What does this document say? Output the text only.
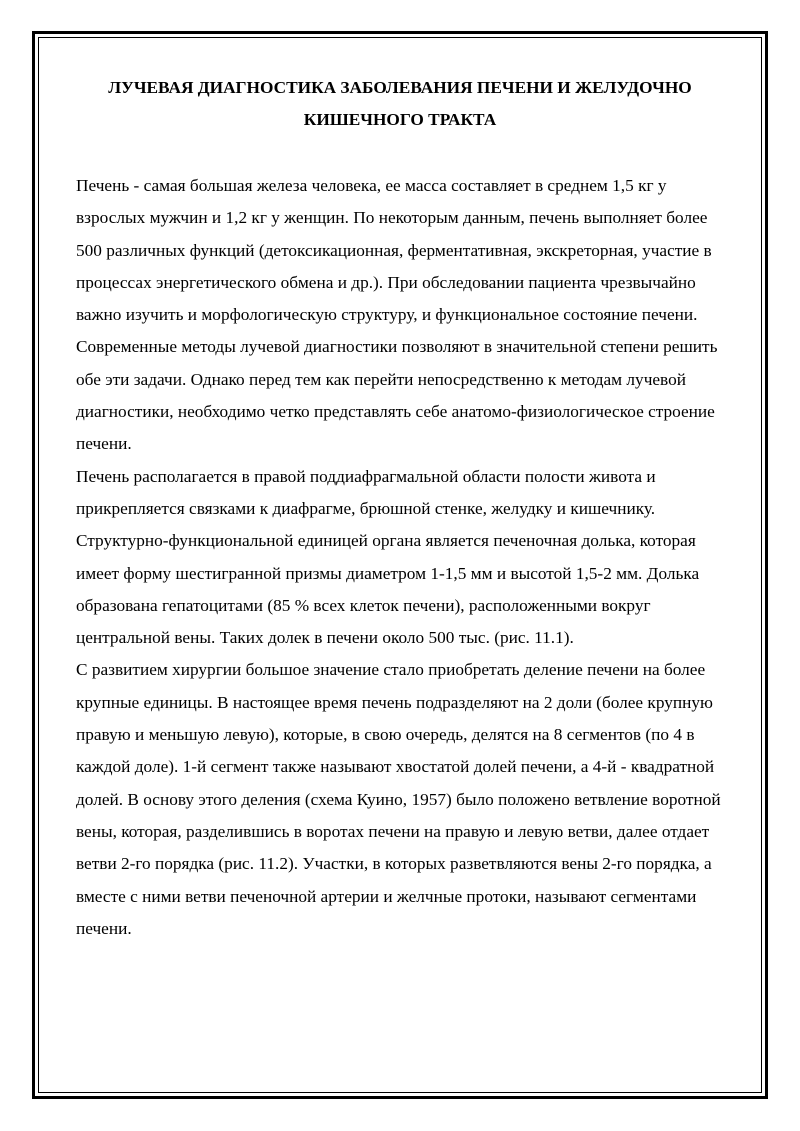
ЛУЧЕВАЯ ДИАГНОСТИКА ЗАБОЛЕВАНИЯ ПЕЧЕНИ И ЖЕЛУДОЧНО
КИШЕЧНОГО ТРАКТА

Печень - самая большая железа человека, ее масса составляет в среднем 1,5 кг у взрослых мужчин и 1,2 кг у женщин. По некоторым данным, печень выполняет более 500 различных функций (детоксикационная, ферментативная, экскреторная, участие в процессах энергетического обмена и др.). При обследовании пациента чрезвычайно важно изучить и морфологическую структуру, и функциональное состояние печени. Современные методы лучевой диагностики позволяют в значительной степени решить обе эти задачи. Однако перед тем как перейти непосредственно к методам лучевой диагностики, необходимо четко представлять себе анатомо-физиологическое строение печени.

Печень располагается в правой поддиафрагмальной области полости живота и прикрепляется связками к диафрагме, брюшной стенке, желудку и кишечнику. Структурно-функциональной единицей органа является печеночная долька, которая имеет форму шестигранной призмы диаметром 1-1,5 мм и высотой 1,5-2 мм. Долька образована гепатоцитами (85 % всех клеток печени), расположенными вокруг центральной вены. Таких долек в печени около 500 тыс. (рис. 11.1).

С развитием хирургии большое значение стало приобретать деление печени на более крупные единицы. В настоящее время печень подразделяют на 2 доли (более крупную правую и меньшую левую), которые, в свою очередь, делятся на 8 сегментов (по 4 в каждой доле). 1-й сегмент также называют хвостатой долей печени, а 4-й - квадратной долей. В основу этого деления (схема Куино, 1957) было положено ветвление воротной вены, которая, разделившись в воротах печени на правую и левую ветви, далее отдает ветви 2-го порядка (рис. 11.2). Участки, в которых разветвляются вены 2-го порядка, а вместе с ними ветви печеночной артерии и желчные протоки, называют сегментами печени.
